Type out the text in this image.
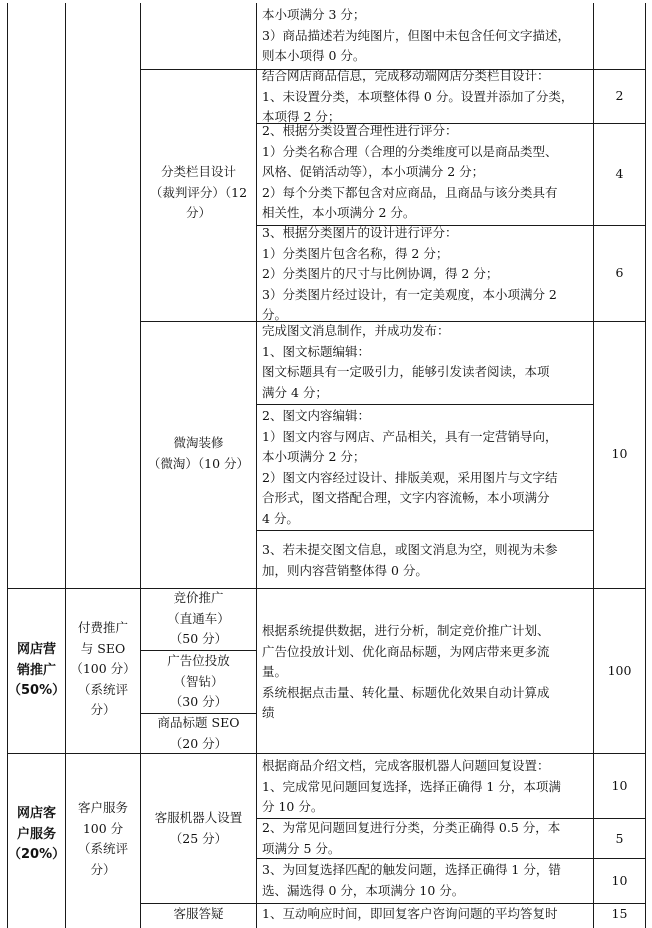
本小项满分 3 分；
3）商品描述若为纯图片，但图中未包含任何文字描述，
则本小项得 0 分。
分类栏目设计
（裁判评分）（12
分）
结合网店商品信息，完成移动端网店分类栏目设计：
1、未设置分类，本项整体得 0 分。设置并添加了分类，
本项得 2 分；
2
2、根据分类设置合理性进行评分：
1）分类名称合理（合理的分类维度可以是商品类型、
风格、促销活动等），本小项满分 2 分；
2）每个分类下都包含对应商品，且商品与该分类具有
相关性，本小项满分 2 分。
4
3、根据分类图片的设计进行评分：
1）分类图片包含名称，得 2 分；
2）分类图片的尺寸与比例协调，得 2 分；
3）分类图片经过设计，有一定美观度，本小项满分 2
分。
6
微淘装修
（微淘）（10 分）
完成图文消息制作，并成功发布：
1、图文标题编辑：
图文标题具有一定吸引力，能够引发读者阅读，本项
满分 4 分；
2、图文内容编辑：
1）图文内容与网店、产品相关，具有一定营销导向，
本小项满分 2 分；
2）图文内容经过设计、排版美观，采用图片与文字结
合形式，图文搭配合理，文字内容流畅，本小项满分
4 分。
3、若未提交图文信息，或图文消息为空，则视为未参
加，则内容营销整体得 0 分。
10
网店营
销推广
（50%）
付费推广
与 SEO
（100 分）
（系统评
分）
竞价推广
（直通车）
（50 分）
广告位投放
（智钻）
（30 分）
商品标题 SEO
（20 分）
根据系统提供数据，进行分析，制定竞价推广计划、
广告位投放计划、优化商品标题，为网店带来更多流
量。
系统根据点击量、转化量、标题优化效果自动计算成
绩
100
网店客
户服务
（20%）
客户服务
100 分
（系统评
分）
客服机器人设置
（25 分）
根据商品介绍文档，完成客服机器人问题回复设置：
1、完成常见问题回复选择，选择正确得 1 分，本项满
分 10 分。
10
2、为常见问题回复进行分类，分类正确得 0.5 分，本
项满分 5 分。
5
3、为回复选择匹配的触发问题，选择正确得 1 分，错
选、漏选得 0 分，本项满分 10 分。
10
客服答疑	1、互动响应时间，即回复客户咨询问题的平均答复时	15
